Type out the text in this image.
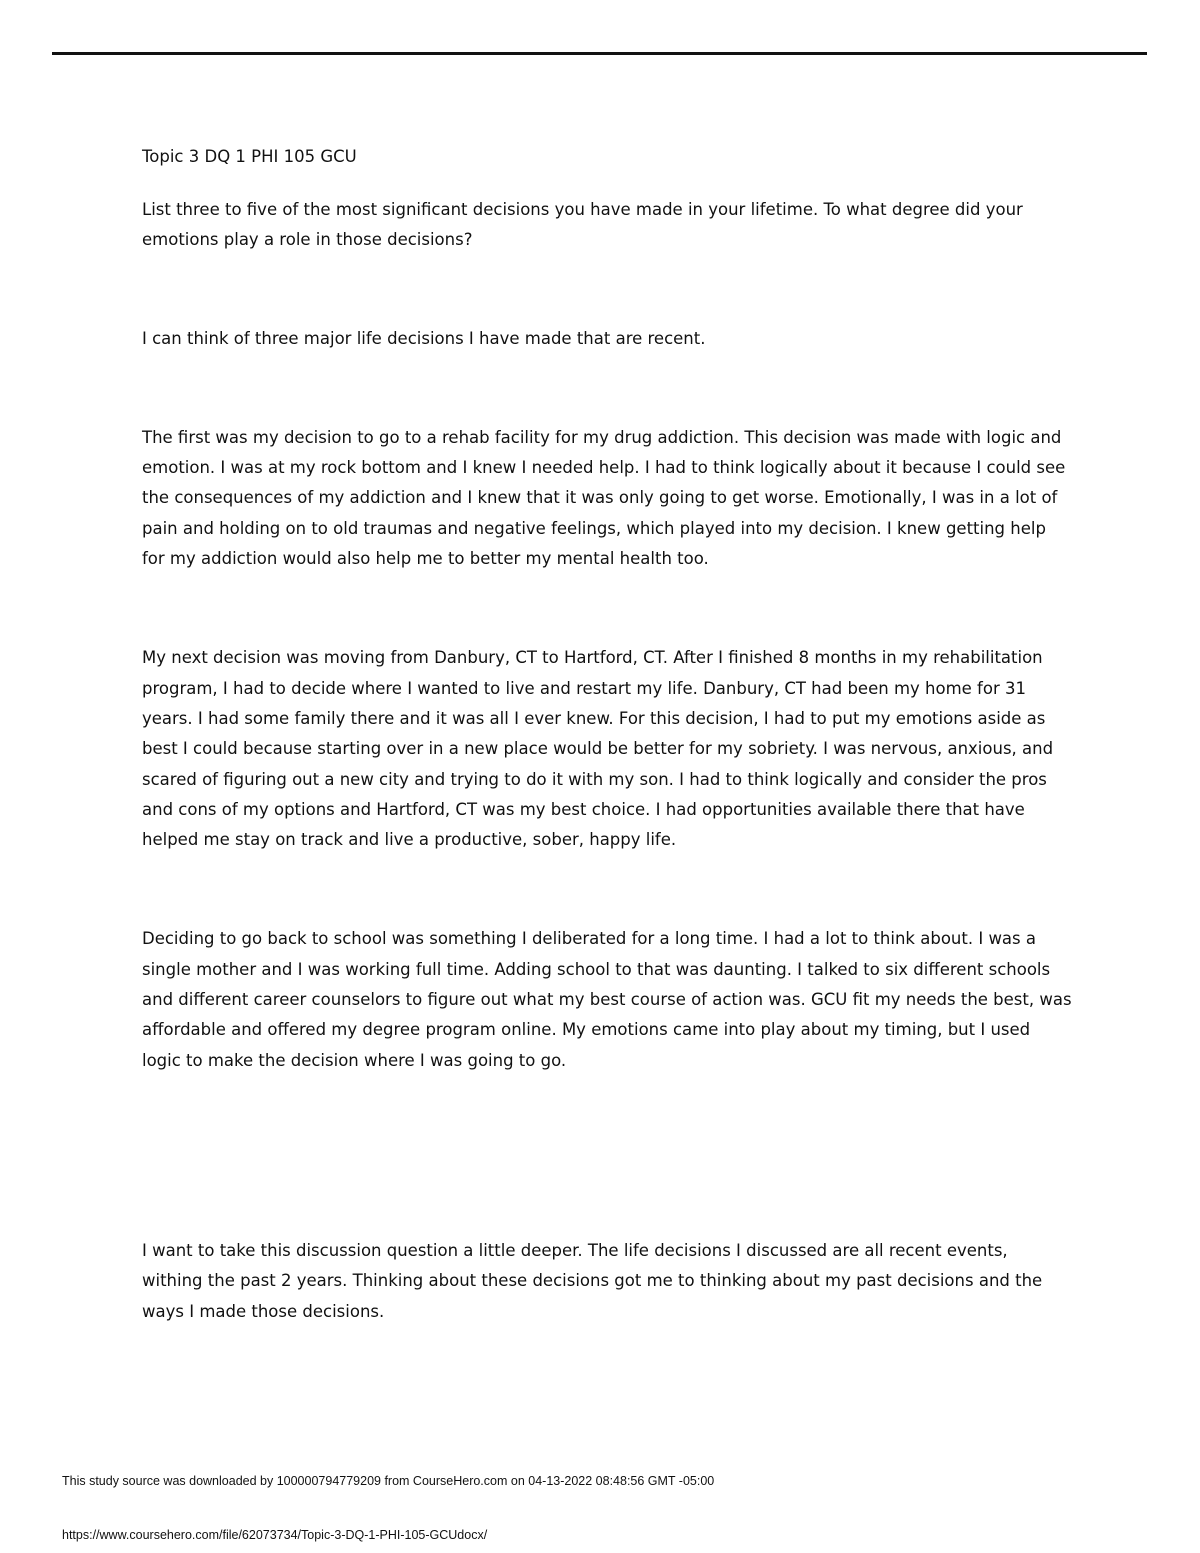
Topic 3 DQ 1 PHI 105 GCU

List three to five of the most significant decisions you have made in your lifetime. To what degree did your emotions play a role in those decisions?

I can think of three major life decisions I have made that are recent.

The first was my decision to go to a rehab facility for my drug addiction. This decision was made with logic and emotion. I was at my rock bottom and I knew I needed help. I had to think logically about it because I could see the consequences of my addiction and I knew that it was only going to get worse. Emotionally, I was in a lot of pain and holding on to old traumas and negative feelings, which played into my decision. I knew getting help for my addiction would also help me to better my mental health too.

My next decision was moving from Danbury, CT to Hartford, CT. After I finished 8 months in my rehabilitation program, I had to decide where I wanted to live and restart my life. Danbury, CT had been my home for 31 years. I had some family there and it was all I ever knew. For this decision, I had to put my emotions aside as best I could because starting over in a new place would be better for my sobriety. I was nervous, anxious, and scared of figuring out a new city and trying to do it with my son. I had to think logically and consider the pros and cons of my options and Hartford, CT was my best choice. I had opportunities available there that have helped me stay on track and live a productive, sober, happy life.

Deciding to go back to school was something I deliberated for a long time. I had a lot to think about. I was a single mother and I was working full time. Adding school to that was daunting. I talked to six different schools and different career counselors to figure out what my best course of action was. GCU fit my needs the best, was affordable and offered my degree program online. My emotions came into play about my timing, but I used logic to make the decision where I was going to go.

I want to take this discussion question a little deeper. The life decisions I discussed are all recent events, withing the past 2 years. Thinking about these decisions got me to thinking about my past decisions and the ways I made those decisions.

This study source was downloaded by 100000794779209 from CourseHero.com on 04-13-2022 08:48:56 GMT -05:00
https://www.coursehero.com/file/62073734/Topic-3-DQ-1-PHI-105-GCUdocx/
